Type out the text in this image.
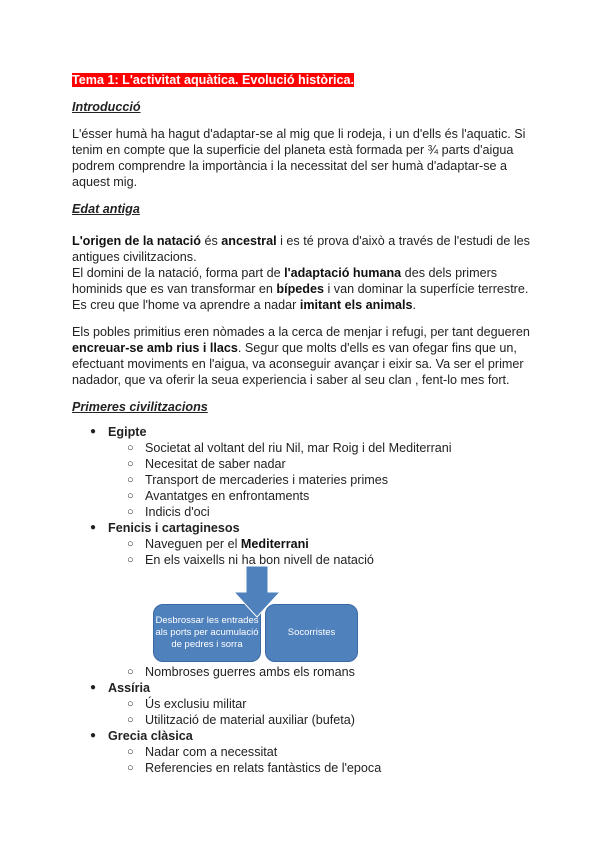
Tema 1: L'activitat aquàtica. Evolució històrica.
Introducció
L'ésser humà ha hagut d'adaptar-se al mig que li rodeja, i un d'ells és l'aquatic. Si
tenim en compte que la superficie del planeta està formada per ¾ parts d'aigua
podrem comprendre la importància i la necessitat del ser humà d'adaptar-se a
aquest mig.
Edat antiga
Primeres civilitzacions
Desbrossar les entrades als ports per acumulació de pedres i sorra
Socorristes
L'origen de la natació és ancestral i es té prova d'això a través de l'estudi de les
antigues civilitzacions.
El domini de la natació, forma part de l'adaptació humana des dels primers
hominids que es van transformar en bípedes i van dominar la superfície terrestre.
Es creu que l'home va aprendre a nadar imitant els animals.
Els pobles primitius eren nòmades a la cerca de menjar i refugi, per tant degueren
encreuar-se amb rius i llacs. Segur que molts d'ells es van ofegar fins que un,
efectuant moviments en l'aigua, va aconseguir avançar i eixir sa. Va ser el primer
nadador, que va oferir la seua experiencia i saber al seu clan , fent-lo mes fort.
● Egipte
○ Societat al voltant del riu Nil, mar Roig i del Mediterrani
○ Necesitat de saber nadar
○ Transport de mercaderies i materies primes
○ Avantatges en enfrontaments
○ Indicis d'oci
● Fenicis i cartaginesos
○ Naveguen per el Mediterrani
○ En els vaixells ni ha bon nivell de natació
○ Nombroses guerres ambs els romans
● Assíria
○ Ús exclusiu militar
○ Utilització de material auxiliar (bufeta)
● Grecia clàsica
○ Nadar com a necessitat
○ Referencies en relats fantàstics de l'epoca
